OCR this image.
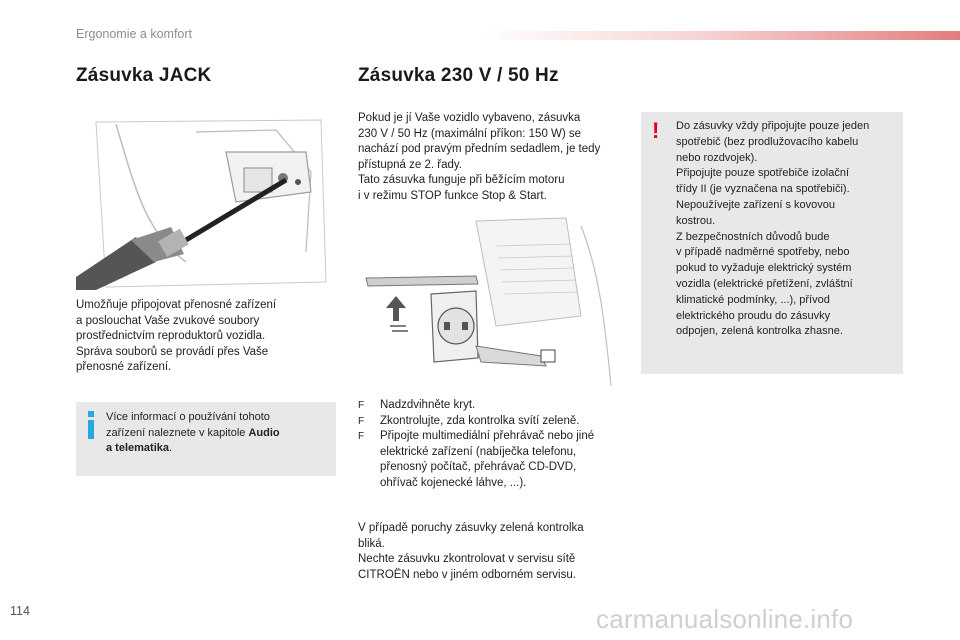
Ergonomie a komfort
Zásuvka JACK	Zásuvka 230 V / 50 Hz
Umožňuje připojovat přenosné zařízení
a poslouchat Vaše zvukové soubory
prostřednictvím reproduktorů vozidla.
Správa souborů se provádí přes Vaše
přenosné zařízení.
Více informací o používání tohoto
zařízení naleznete v kapitole Audio
a telematika.
Pokud je jí Vaše vozidlo vybaveno, zásuvka
230 V / 50 Hz (maximální příkon: 150 W) se
nachází pod pravým předním sedadlem, je tedy
přístupná ze 2. řady.
Tato zásuvka funguje při běžícím motoru
i v režimu STOP funkce Stop & Start.
! Do zásuvky vždy připojujte pouze jeden
spotřebič (bez prodlužovacího kabelu
nebo rozdvojek).
Připojujte pouze spotřebiče izolační
třídy II (je vyznačena na spotřebiči).
Nepoužívejte zařízení s kovovou
kostrou.
Z bezpečnostních důvodů bude
v případě nadměrné spotřeby, nebo
pokud to vyžaduje elektrický systém
vozidla (elektrické přetížení, zvláštní
klimatické podmínky, ...), přívod
elektrického proudu do zásuvky
odpojen, zelená kontrolka zhasne.
F Nadzdvihněte kryt.
F Zkontrolujte, zda kontrolka svítí zeleně.
F Připojte multimediální přehrávač nebo jiné
elektrické zařízení (nabíječka telefonu,
přenosný počítač, přehrávač CD-DVD,
ohřívač kojenecké láhve, ...).
V případě poruchy zásuvky zelená kontrolka
bliká.
Nechte zásuvku zkontrolovat v servisu sítě
CITROËN nebo v jiném odborném servisu.
114	carmanualsonline.info
